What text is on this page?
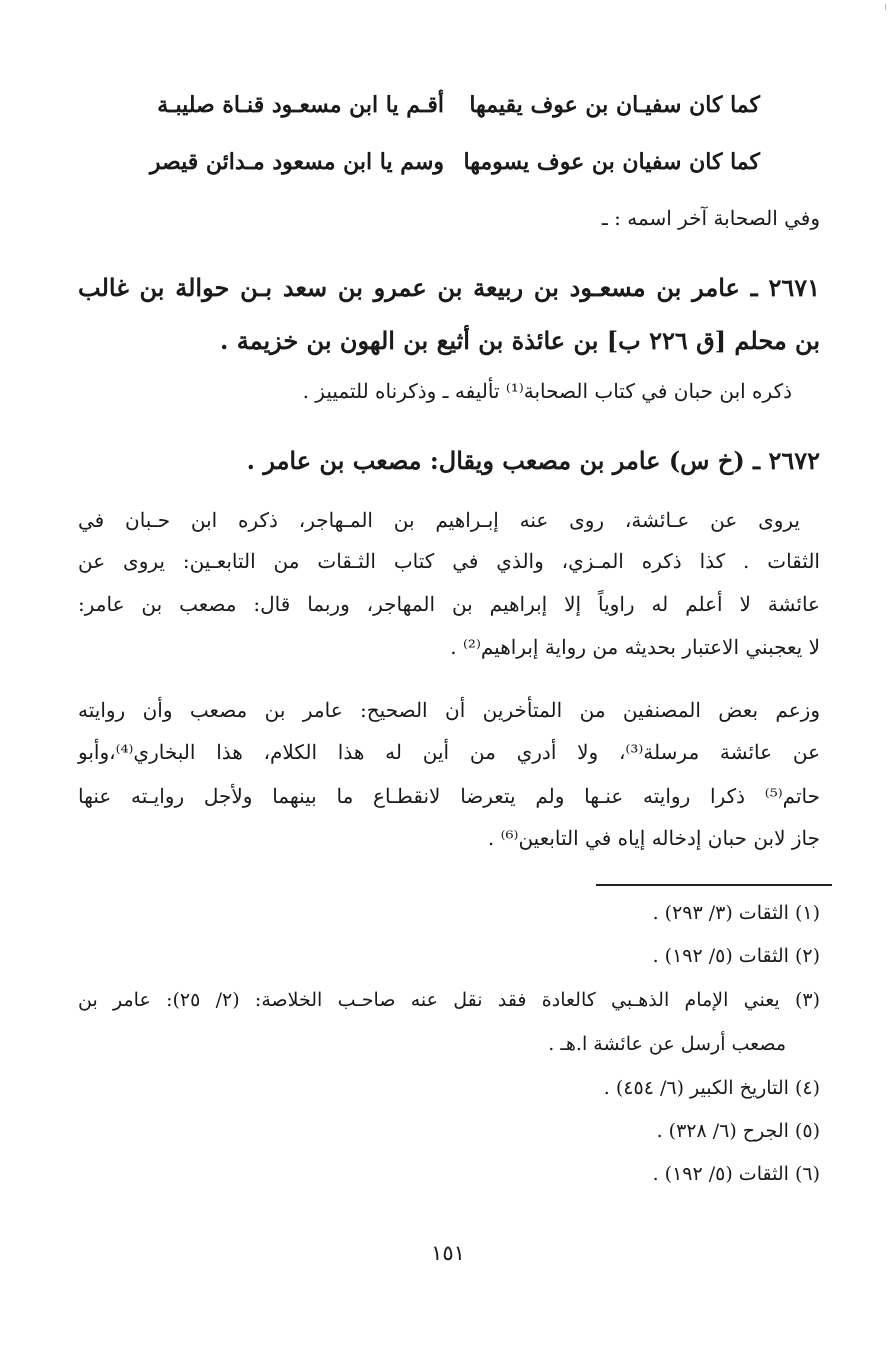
كما كان سفيـان بن عوف يقيمها
أقـم يا ابن مسعـود قنـاة صليبـة
كما كان سفيان بن عوف يسومها
وسم يا ابن مسعود مـدائن قيصر
وفي الصحابة آخر اسمه : ـ
٢٦٧١ ـ عامر بن مسعـود بن ربيعة بن عمرو بن سعد بـن حوالة بن غالب
بن محلم [ق ٢٢٦ ب] بن عائذة بن أثيع بن الهون بن خزيمة .
ذكره ابن حبان في كتاب الصحابة⁽¹⁾ تأليفه ـ وذكرناه للتمييز .
٢٦٧٢ ـ (خ س) عامر بن مصعب ويقال: مصعب بن عامر .
يروى عن عـائشة، روى عنه إبـراهيم بن المـهاجر، ذكره ابن حـبان في
الثقات . كذا ذكره المـزي، والذي في كتاب الثـقات من التابعـين: يروى عن
عائشة لا أعلم له راوياً إلا إبراهيم بن المهاجر، وربما قال: مصعب بن عامر:
لا يعجبني الاعتبار بحديثه من رواية إبراهيم⁽²⁾ .
وزعم بعض المصنفين من المتأخرين أن الصحيح: عامر بن مصعب وأن روايته
عن عائشة مرسلة⁽³⁾، ولا أدري من أين له هذا الكلام، هذا البخاري⁽⁴⁾،وأبو
حاتم⁽⁵⁾ ذكرا روايته عنـها ولم يتعرضا لانقطـاع ما بينهما ولأجل روايـته عنها
جاز لابن حبان إدخاله إياه في التابعين⁽⁶⁾ .
(١) الثقات (٣/ ٢٩٣) .
(٢) الثقات (٥/ ١٩٢) .
(٣) يعني الإمام الذهـبي كالعادة فقد نقل عنه صاحـب الخلاصة: (٢/ ٢٥): عامر بن
مصعب أرسل عن عائشة ا.هـ .
(٤) التاريخ الكبير (٦/ ٤٥٤) .
(٥) الجرح (٦/ ٣٢٨) .
(٦) الثقات (٥/ ١٩٢) .
١٥١
